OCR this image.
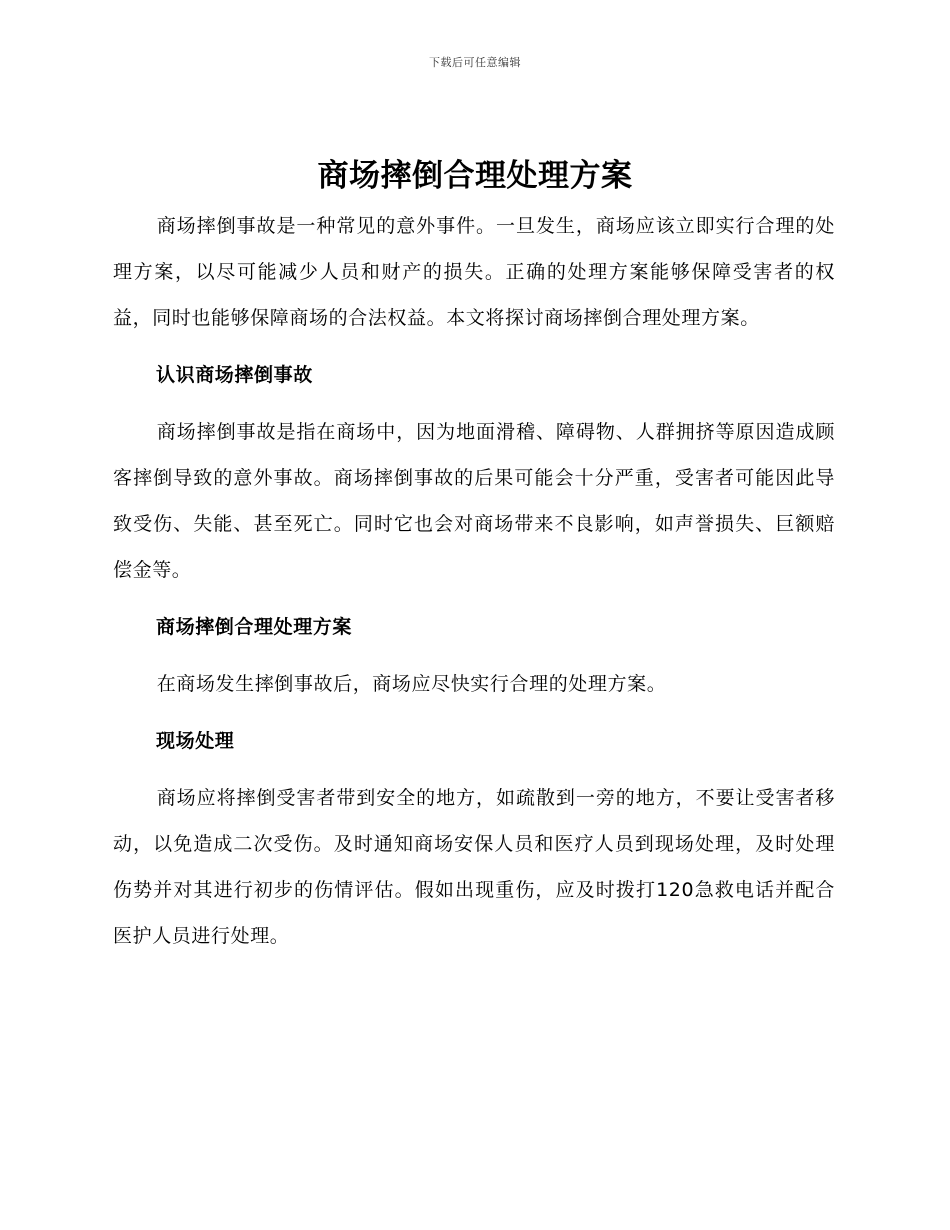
下载后可任意编辑
商场摔倒合理处理方案

商场摔倒事故是一种常见的意外事件。一旦发生，商场应该立即实行合理的处理方案，以尽可能减少人员和财产的损失。正确的处理方案能够保障受害者的权益，同时也能够保障商场的合法权益。本文将探讨商场摔倒合理处理方案。

认识商场摔倒事故

商场摔倒事故是指在商场中，因为地面滑稽、障碍物、人群拥挤等原因造成顾客摔倒导致的意外事故。商场摔倒事故的后果可能会十分严重，受害者可能因此导致受伤、失能、甚至死亡。同时它也会对商场带来不良影响，如声誉损失、巨额赔偿金等。

商场摔倒合理处理方案

在商场发生摔倒事故后，商场应尽快实行合理的处理方案。

现场处理

商场应将摔倒受害者带到安全的地方，如疏散到一旁的地方，不要让受害者移动，以免造成二次受伤。及时通知商场安保人员和医疗人员到现场处理，及时处理伤势并对其进行初步的伤情评估。假如出现重伤，应及时拨打120急救电话并配合医护人员进行处理。
